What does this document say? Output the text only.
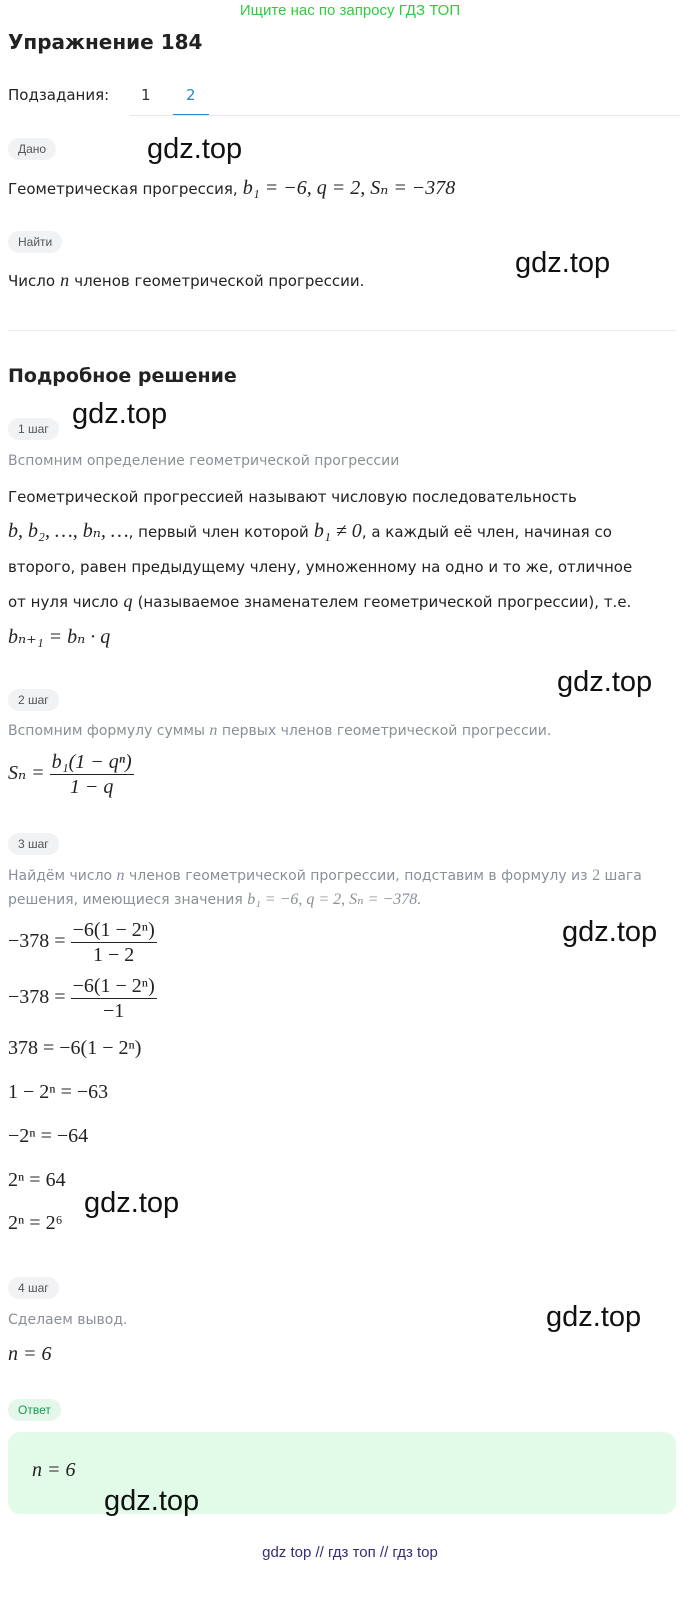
Ищите нас по запросу ГДЗ ТОП
Упражнение 184
Подзадания: 1	2
Дано	gdz.top
Геометрическая прогрессия, b₁ = −6, q = 2, Sₙ = −378
Найти
gdz.top
Число n членов геометрической прогрессии.
Подробное решение
1 шаг gdz.top
Вспомним определение геометрической прогрессии
Геометрической прогрессией называют числовую последовательность
b, b₂, …, bₙ, …, первый член которой b₁ ≠ 0, а каждый её член, начиная со
второго, равен предыдущему члену, умноженному на одно и то же, отличное
от нуля число q (называемое знаменателем геометрической прогрессии), т.е.
bₙ₊₁ = bₙ · q
gdz.top
2 шаг
Вспомним формулу суммы n первых членов геометрической прогрессии.
$S_n = \frac{\text{b₁(1 − qⁿ)}}{1 - q}$
3 шаг
Найдём число n членов геометрической прогрессии, подставим в формулу из 2 шага
решения, имеющиеся значения b₁ = −6, q = 2, Sₙ = −378.
gdz.top
$-378 = \frac{\text{−6(1 − 2ⁿ)}}{1 - 2}$
$-378 = \frac{\text{−6(1 − 2ⁿ)}}{-1}$
378 = −6(1 − 2ⁿ)
1 − 2ⁿ = −63
−2ⁿ = −64
2ⁿ = 64
gdz.top
2ⁿ = 2⁶
4 шаг
Сделаем вывод.	gdz.top
n = 6
Ответ
n = 6
gdz.top
gdz top // гдз топ // гдз top
